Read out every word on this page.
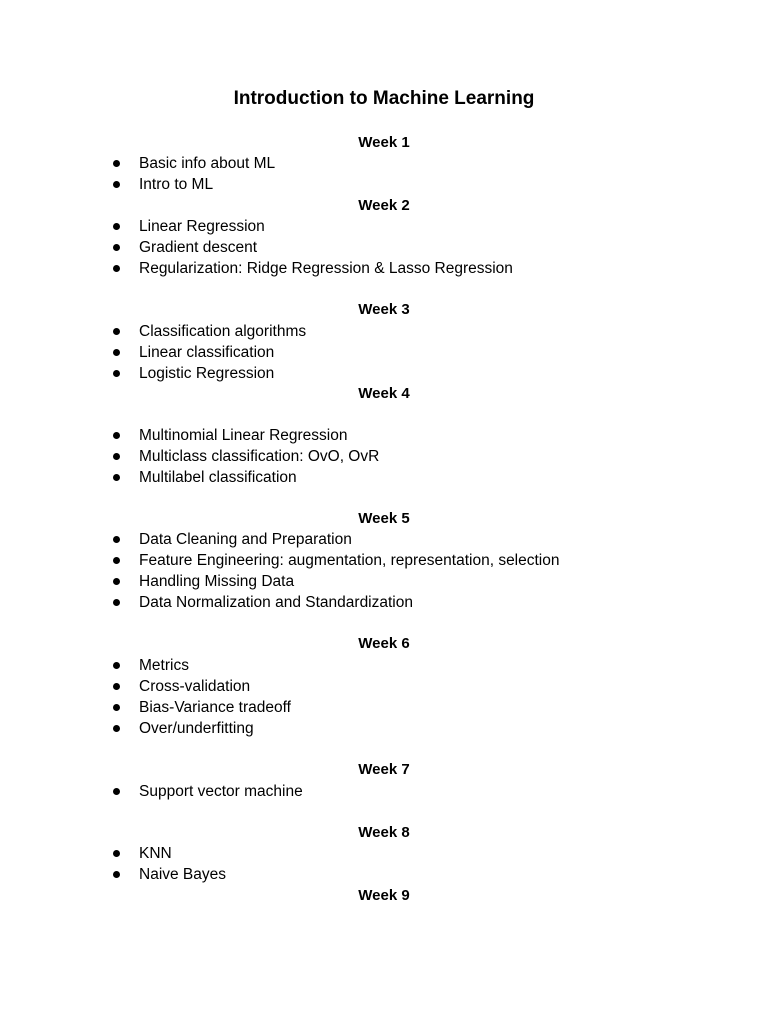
Introduction to Machine Learning
Week 1
Basic info about ML
Intro to ML
Week 2
Linear Regression
Gradient descent
Regularization: Ridge Regression & Lasso Regression
Week 3
Classification algorithms
Linear classification
Logistic Regression
Week 4
Multinomial Linear Regression
Multiclass classification: OvO, OvR
Multilabel classification
Week 5
Data Cleaning and Preparation
Feature Engineering: augmentation, representation, selection
Handling Missing Data
Data Normalization and Standardization
Week 6
Metrics
Cross-validation
Bias-Variance tradeoff
Over/underfitting
Week 7
Support vector machine
Week 8
KNN
Naive Bayes
Week 9
